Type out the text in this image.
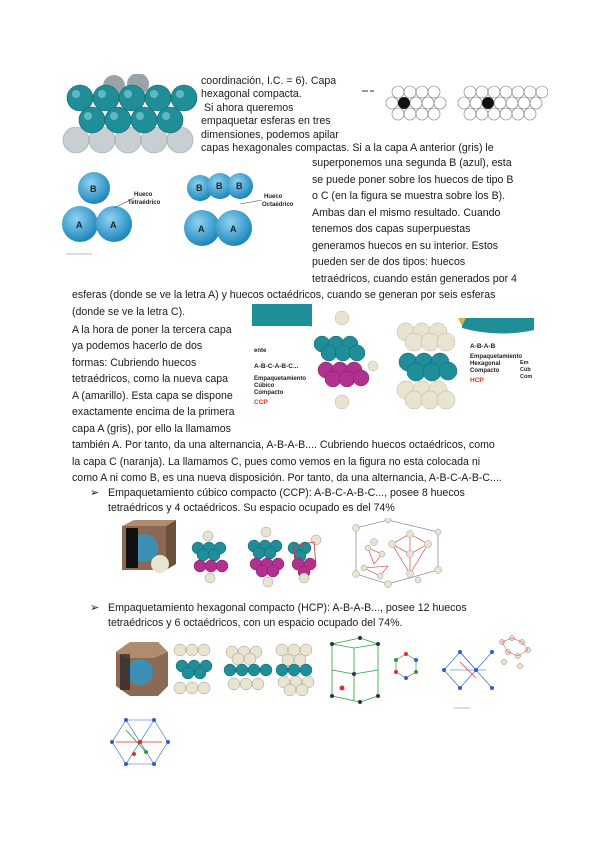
coordinación, I.C. = 6). Capa
hexagonal compacta.
Si ahora queremos
empaquetar esferas en tres
dimensiones, podemos apilar
capas hexagonales compactas. Si a la capa A anterior (gris) le
superponemos una segunda B (azul), esta
se puede poner sobre los huecos de tipo B
o C (en la figura se muestra sobre los B).
Ambas dan el mismo resultado. Cuando
tenemos dos capas superpuestas
generamos huecos en su interior. Estos
pueden ser de dos tipos: huecos
tetraédricos, cuando están generados por 4
esferas (donde se ve la letra A) y huecos octaédricos, cuando se generan por seis esferas
(donde se ve la letra C).
B
A	A
Hueco
Tetraédrico
B B B
A	A
Hueco
Octaédrico
A la hora de poner la tercera capa
ya podemos hacerlo de dos
formas: Cubriendo huecos
tetraédricos, como la nueva capa
A (amarillo). Esta capa se dispone
exactamente encima de la primera
capa A (gris), por ello la llamamos
también A. Por tanto, da una alternancia, A-B-A-B.... Cubriendo huecos octaédricos, como
la capa C (naranja). La llamamos C, pues como vemos en la figura no esta colocada ni
como A ni como B, es una nueva disposición. Por tanto, da una alternancia, A-B-C-A-B-C....
ente
A-B-C-A-B-C...
Empaquetamiento
Cúbico
Compacto
CCP
A-B-A-B
Empaquetamiento
Hexagonal
Compacto
HCP
Em
Cúb
Com
➢ Empaquetamiento cúbico compacto (CCP): A-B-C-A-B-C..., posee 8 huecos
tetraédricos y 4 octaédricos. Su espacio ocupado es del 74%
➢ Empaquetamiento hexagonal compacto (HCP): A-B-A-B..., posee 12 huecos
tetraédricos y 6 octaédricos, con un espacio ocupado del 74%.
